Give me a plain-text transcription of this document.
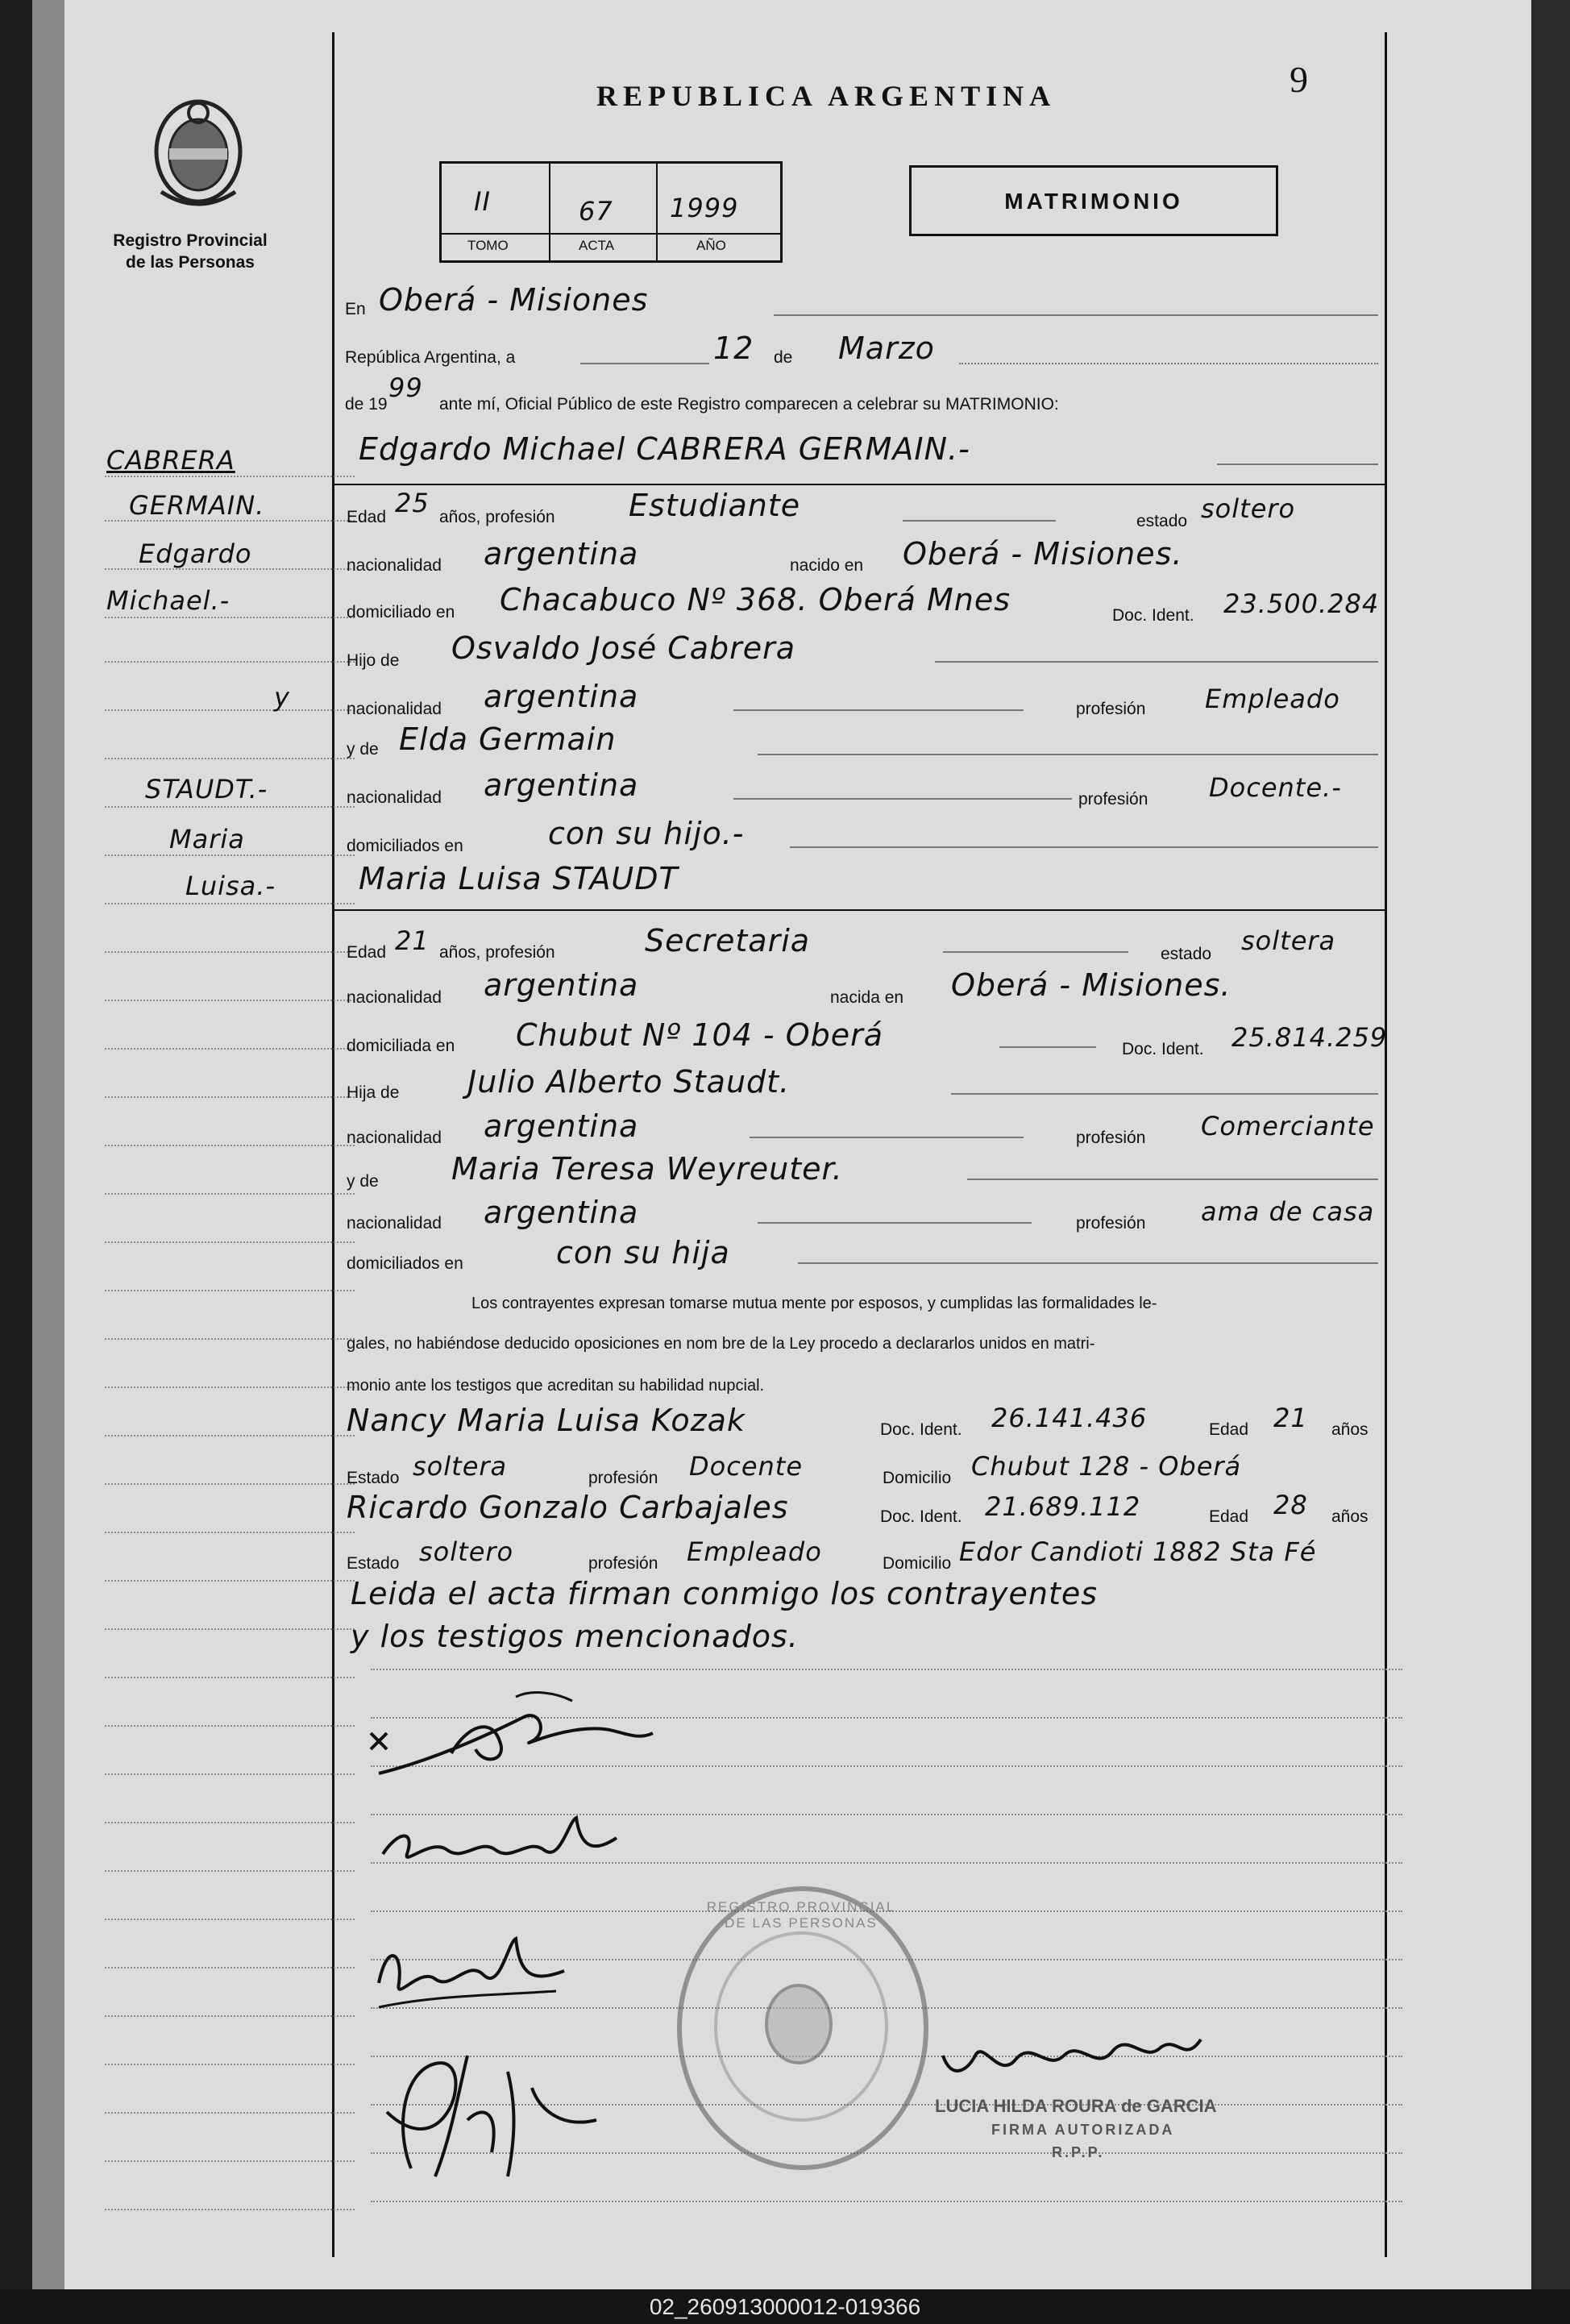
REPUBLICA ARGENTINA	9
Registro Provincial de las Personas
II	67 1999
TOMO	ACTA	AÑO
MATRIMONIO
CABRERA
GERMAIN.
Edgardo
Michael.-
y
STAUDT.-
Maria
Luisa.-
En Oberá - Misiones
República Argentina, a	12 de Marzo
de 19
99
ante mí, Oficial Público de este Registro comparecen a celebrar su MATRIMONIO:
Edgardo Michael CABRERA GERMAIN.-
Edad 25 años, profesión Estudiante	estado soltero
nacionalidad argentina	nacido en Oberá - Misiones.
domiciliado en Chacabuco Nº 368. Oberá Mnes	Doc. Ident. 23.500.284
Hijo de Osvaldo José Cabrera
nacionalidad argentina	profesión Empleado
y de Elda Germain
nacionalidad argentina	profesión Docente.-
domiciliados en	con su hijo.-
Maria Luisa STAUDT
Edad 21 años, profesión	Secretaria	estado soltera
nacionalidad argentina	nacida en Oberá - Misiones.
domiciliada en Chubut Nº 104 - Oberá	Doc. Ident. 25.814.259
Hija de Julio Alberto Staudt.
nacionalidad argentina	profesión Comerciante
y de Maria Teresa Weyreuter.
nacionalidad argentina	profesión ama de casa
domiciliados en	con su hija
Los contrayentes expresan tomarse mutua mente por esposos, y cumplidas las formalidades le-
gales, no habiéndose deducido oposiciones en nom bre de la Ley procedo a declararlos unidos en matri-
monio ante los testigos que acreditan su habilidad nupcial.
Nancy Maria Luisa Kozak	Doc. Ident. 26.141.436	Edad 21 años
Estado soltera	profesión Docente	Domicilio Chubut 128 - Oberá
Ricardo Gonzalo Carbajales	Doc. Ident. 21.689.112	Edad 28 años
Estado soltero	profesión Empleado	Domicilio Edor Candioti 1882 Sta Fé
Leida el acta firman conmigo los contrayentes
y los testigos mencionados.
REGISTRO PROVINCIAL DE LAS PERSONAS
LUCIA HILDA ROURA de GARCIA
FIRMA AUTORIZADA
R.P.P.
02_260913000012-019366
